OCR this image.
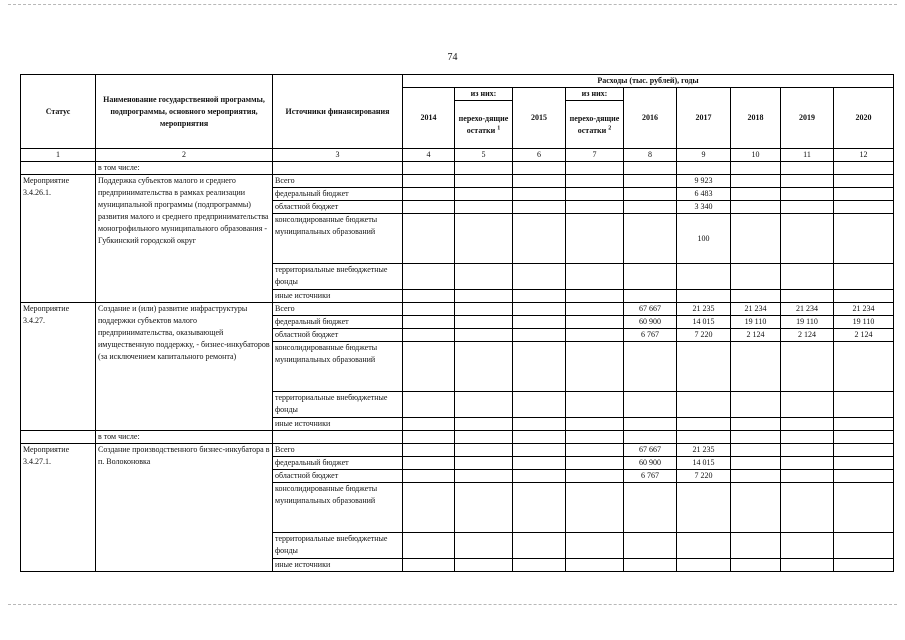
74
Статус	Наименование государственной программы, подпрограммы, основного мероприятия, мероприятия	Источники финансирования	Расходы (тыс. рублей), годы								
			2014	из них:	2015	из них:	2016	2017	2018	2019	2020
				перехо-дящие остатки $^1$		перехо-дящие остатки $^2$
1	2	3	4	5	6	7	8	9	10	11	12
	в том числе:										
Мероприятие 3.4.26.1.	Поддержка субъектов малого и среднего предпринимательства в рамках реализации муниципальной программы (подпрограммы) развития малого и среднего предпринимательства моногрофильного муниципального образования - Губкинский городской округ	Всего						9 923			
		федеральный бюджет						6 483			
		областной бюджет						3 340			
		консолидированные бюджеты муниципальных образований						100			
		территориальные внебюджетные фонды									
		иные источники									
Мероприятие 3.4.27.	Создание и (или) развитие инфраструктуры поддержки субъектов малого предпринимательства, оказывающей имущественную поддержку, - бизнес-инкубаторов (за исключением капитального ремонта)	Всего					67 667	21 235	21 234	21 234	21 234
		федеральный бюджет					60 900	14 015	19 110	19 110	19 110
		областной бюджет					6 767	7 220	2 124	2 124	2 124
		консолидированные бюджеты муниципальных образований									
		территориальные внебюджетные фонды									
		иные источники									
	в том числе:										
Мероприятие 3.4.27.1.	Создание производственного бизнес-инкубатора в п. Волоконовка	Всего					67 667	21 235			
		федеральный бюджет					60 900	14 015			
		областной бюджет					6 767	7 220			
		консолидированные бюджеты муниципальных образований									
		территориальные внебюджетные фонды									
		иные источники									
